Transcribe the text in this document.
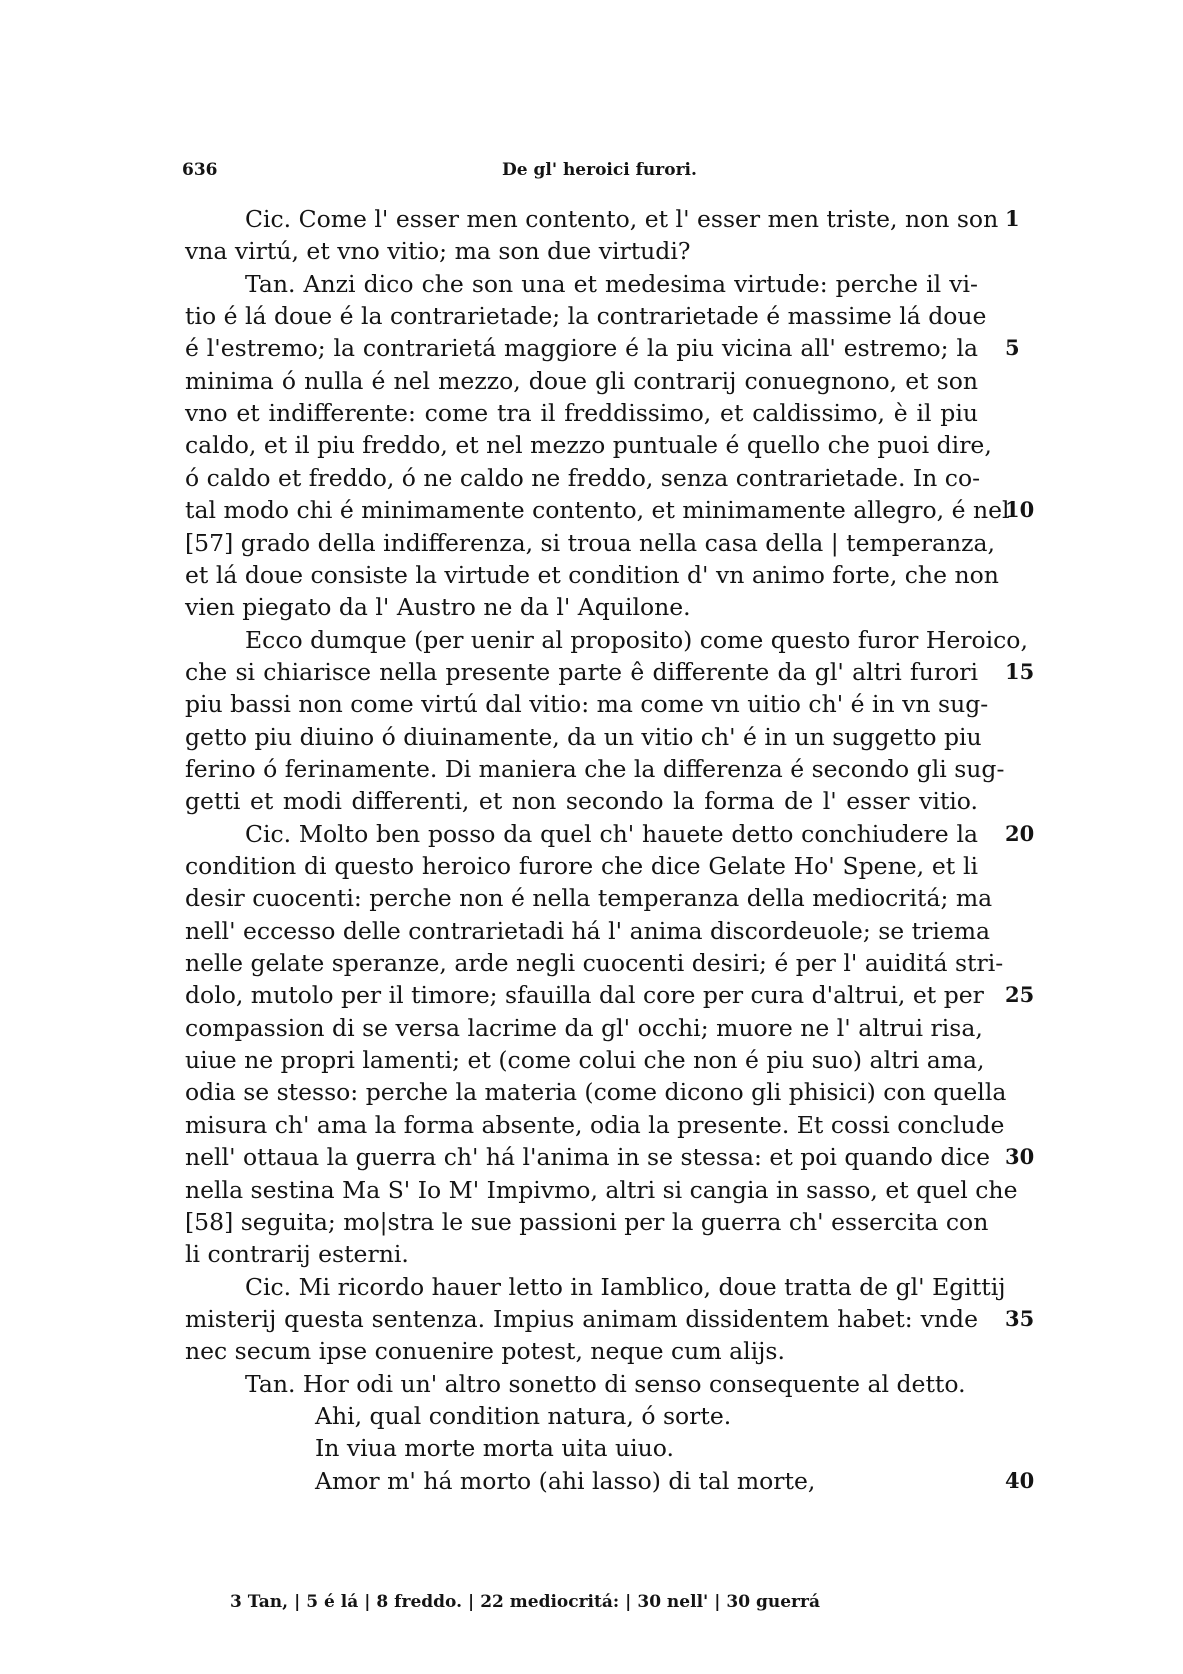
636	De gl' heroici furori.
Cic. Come l' esser men contento, et l' esser men triste, non son 1
vna virtú, et vno vitio; ma son due virtudi?
Tan. Anzi dico che son una et medesima virtude: perche il vi-
tio é lá doue é la contrarietade; la contrarietade é massime lá doue
é l'estremo; la contrarietá maggiore é la piu vicina all' estremo; la 5
minima ó nulla é nel mezzo, doue gli contrarij conuegnono, et son
vno et indifferente: come tra il freddissimo, et caldissimo, è il piu
caldo, et il piu freddo, et nel mezzo puntuale é quello che puoi dire,
ó caldo et freddo, ó ne caldo ne freddo, senza contrarietade. In co-
tal modo chi é minimamente contento, et minimamente allegro, é nel
10
[57] grado della indifferenza, si troua nella casa della | temperanza,
et lá doue consiste la virtude et condition d' vn animo forte, che non
vien piegato da l' Austro ne da l' Aquilone.
Ecco dumque (per uenir al proposito) come questo furor Heroico,
che si chiarisce nella presente parte ê differente da gl' altri furori 15
piu bassi non come virtú dal vitio: ma come vn uitio ch' é in vn sug-
getto piu diuino ó diuinamente, da un vitio ch' é in un suggetto piu
ferino ó ferinamente. Di maniera che la differenza é secondo gli sug-
getti et modi differenti, et non secondo la forma de l' esser vitio.
Cic. Molto ben posso da quel ch' hauete detto conchiudere la 20
condition di questo heroico furore che dice Gelate Ho' Spene, et li
desir cuocenti: perche non é nella temperanza della mediocritá; ma
nell' eccesso delle contrarietadi há l' anima discordeuole; se triema
nelle gelate speranze, arde negli cuocenti desiri; é per l' auiditá stri-
dolo, mutolo per il timore; sfauilla dal core per cura d'altrui, et per 25
compassion di se versa lacrime da gl' occhi; muore ne l' altrui risa,
uiue ne propri lamenti; et (come colui che non é piu suo) altri ama,
odia se stesso: perche la materia (come dicono gli phisici) con quella
misura ch' ama la forma absente, odia la presente. Et cossi conclude
nell' ottaua la guerra ch' há l'anima in se stessa: et poi quando dice 30
nella sestina Ma S' Io M' Impivmo, altri si cangia in sasso, et quel che
[58] seguita; mo|stra le sue passioni per la guerra ch' essercita con
li contrarij esterni.
Cic. Mi ricordo hauer letto in Iamblico, doue tratta de gl' Egittij
misterij questa sentenza. Impius animam dissidentem habet: vnde 35
nec secum ipse conuenire potest, neque cum alijs.
Tan. Hor odi un' altro sonetto di senso consequente al detto.
Ahi, qual condition natura, ó sorte.
In viua morte morta uita uiuo.
Amor m' há morto (ahi lasso) di tal morte,	40
3 Tan, | 5 é lá | 8 freddo. | 22 mediocritá: | 30 nell' | 30 guerrá
